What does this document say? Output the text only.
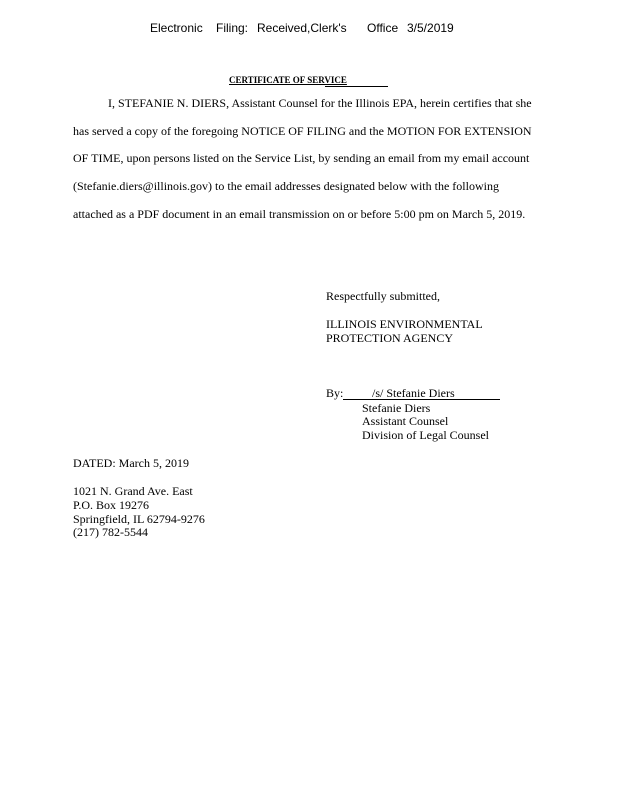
Electronic Filing: Received,Clerk's Office 3/5/2019
CERTIFICATE OF SERVICE
I, STEFANIE N. DIERS, Assistant Counsel for the Illinois EPA, herein certifies that she
has served a copy of the foregoing NOTICE OF FILING and the MOTION FOR EXTENSION
OF TIME, upon persons listed on the Service List, by sending an email from my email account
(Stefanie.diers@illinois.gov) to the email addresses designated below with the following
attached as a PDF document in an email transmission on or before 5:00 pm on March 5, 2019.
Respectfully submitted,
ILLINOIS ENVIRONMENTAL
PROTECTION AGENCY
By: /s/ Stefanie Diers
Stefanie Diers
Assistant Counsel
Division of Legal Counsel
DATED: March 5, 2019
1021 N. Grand Ave. East
P.O. Box 19276
Springfield, IL 62794-9276
(217) 782-5544
